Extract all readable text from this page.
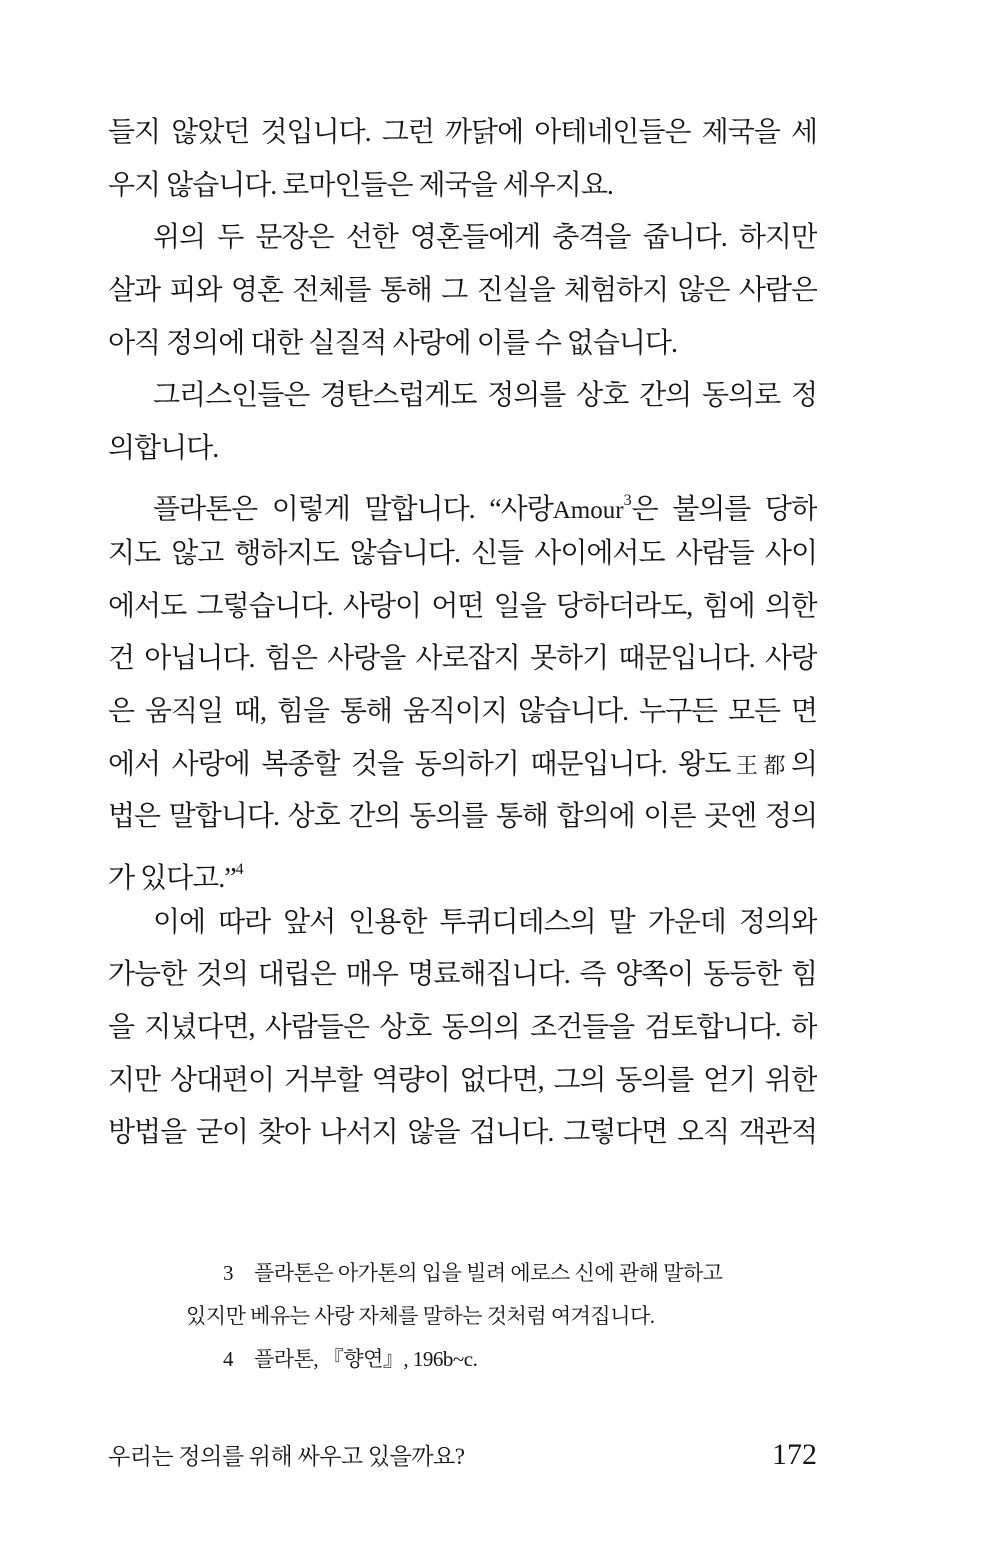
들지 않았던 것입니다. 그런 까닭에 아테네인들은 제국을 세
우지 않습니다. 로마인들은 제국을 세우지요.
위의 두 문장은 선한 영혼들에게 충격을 줍니다. 하지만
살과 피와 영혼 전체를 통해 그 진실을 체험하지 않은 사람은
아직 정의에 대한 실질적 사랑에 이를 수 없습니다.
그리스인들은 경탄스럽게도 정의를 상호 간의 동의로 정
의합니다.
플라톤은 이렇게 말합니다. “사랑Amour$^3$은 불의를 당하
지도 않고 행하지도 않습니다. 신들 사이에서도 사람들 사이
에서도 그렇습니다. 사랑이 어떤 일을 당하더라도, 힘에 의한
건 아닙니다. 힘은 사랑을 사로잡지 못하기 때문입니다. 사랑
은 움직일 때, 힘을 통해 움직이지 않습니다. 누구든 모든 면
에서 사랑에 복종할 것을 동의하기 때문입니다. 왕도王都의
법은 말합니다. 상호 간의 동의를 통해 합의에 이른 곳엔 정의
가 있다고.”$^4$
이에 따라 앞서 인용한 투퀴디데스의 말 가운데 정의와
가능한 것의 대립은 매우 명료해집니다. 즉 양쪽이 동등한 힘
을 지녔다면, 사람들은 상호 동의의 조건들을 검토합니다. 하
지만 상대편이 거부할 역량이 없다면, 그의 동의를 얻기 위한
방법을 굳이 찾아 나서지 않을 겁니다. 그렇다면 오직 객관적
3 플라톤은 아가톤의 입을 빌려 에로스 신에 관해 말하고
있지만 베유는 사랑 자체를 말하는 것처럼 여겨집니다.
4 플라톤, 『향연』, 196b~c.
우리는 정의를 위해 싸우고 있을까요?	172
